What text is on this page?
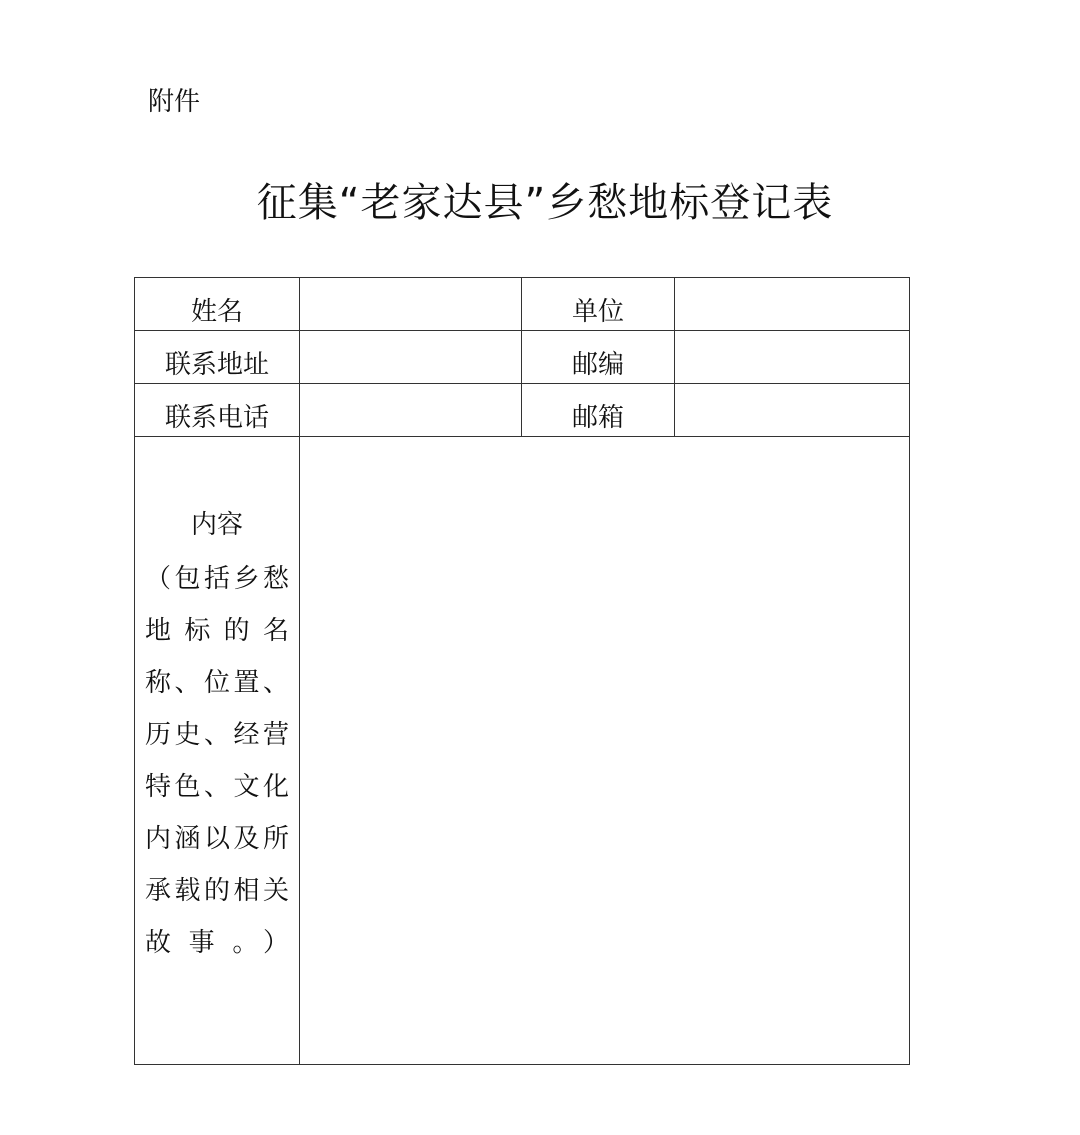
附件
征集“老家达县”乡愁地标登记表
姓名		单位	

联系地址		邮编	

联系电话		邮箱	

内容
（包括乡愁地标的名称、位置、历史、经营特色、文化内涵以及所承载的相关故事。）			
